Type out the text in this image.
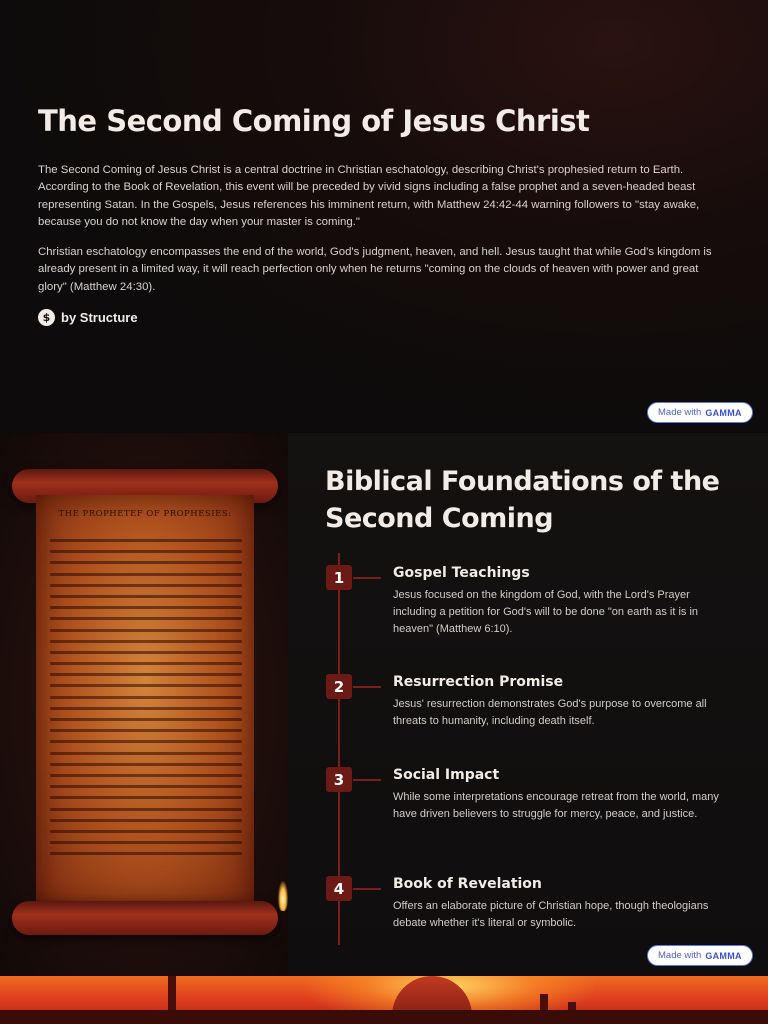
The Second Coming of Jesus Christ

The Second Coming of Jesus Christ is a central doctrine in Christian eschatology, describing Christ's prophesied return to Earth. According to the Book of Revelation, this event will be preceded by vivid signs including a false prophet and a seven-headed beast representing Satan. In the Gospels, Jesus references his imminent return, with Matthew 24:42-44 warning followers to "stay awake, because you do not know the day when your master is coming."

Christian eschatology encompasses the end of the world, God's judgment, heaven, and hell. Jesus taught that while God's kingdom is already present in a limited way, it will reach perfection only when he returns "coming on the clouds of heaven with power and great glory" (Matthew 24:30).

$ by Structure
Made with GAMMA
THE PROPHETEF OF PROPHESIES:
Biblical Foundations of the Second Coming
1	Gospel Teachings
Jesus focused on the kingdom of God, with the Lord's Prayer including a petition for God's will to be done "on earth as it is in heaven" (Matthew 6:10).
2	Resurrection Promise
Jesus' resurrection demonstrates God's purpose to overcome all threats to humanity, including death itself.
3	Social Impact
While some interpretations encourage retreat from the world, many have driven believers to struggle for mercy, peace, and justice.
4	Book of Revelation
Offers an elaborate picture of Christian hope, though theologians debate whether it's literal or symbolic.
Made with GAMMA
